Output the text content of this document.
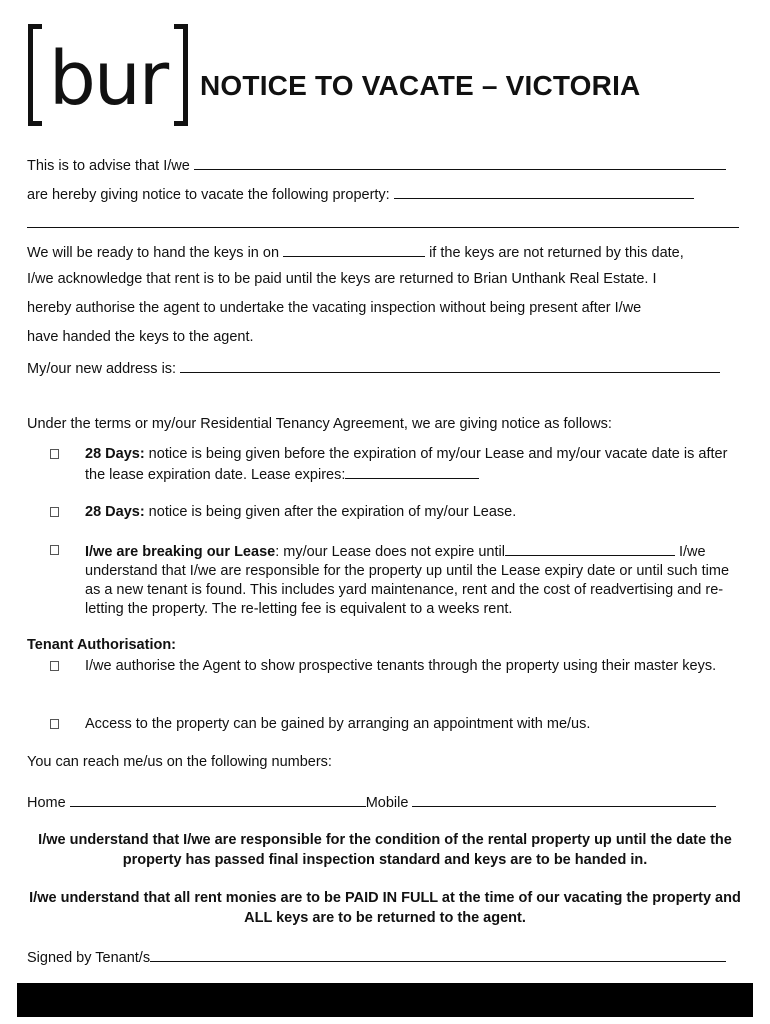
bur NOTICE TO VACATE – VICTORIA
This is to advise that I/we
are hereby giving notice to vacate the following property:
We will be ready to hand the keys in on	if the keys are not returned by this date,
I/we acknowledge that rent is to be paid until the keys are returned to Brian Unthank Real Estate. I
hereby authorise the agent to undertake the vacating inspection without being present after I/we
have handed the keys to the agent.
My/our new address is:
Under the terms or my/our Residential Tenancy Agreement, we are giving notice as follows:
28 Days: notice is being given before the expiration of my/our Lease and my/our vacate date is after the lease expiration date. Lease expires:
28 Days: notice is being given after the expiration of my/our Lease.
I/we are breaking our Lease: my/our Lease does not expire until	I/we understand that I/we are responsible for the property up until the Lease expiry date or until such time as a new tenant is found. This includes yard maintenance, rent and the cost of readvertising and re-letting the property. The re-letting fee is equivalent to a weeks rent.
Tenant Authorisation:
I/we authorise the Agent to show prospective tenants through the property using their master keys.
Access to the property can be gained by arranging an appointment with me/us.
You can reach me/us on the following numbers:
Home	Mobile
I/we understand that I/we are responsible for the condition of the rental property up until the date the property has passed final inspection standard and keys are to be handed in.
I/we understand that all rent monies are to be PAID IN FULL at the time of our vacating the property and ALL keys are to be returned to the agent.
Signed by Tenant/s
